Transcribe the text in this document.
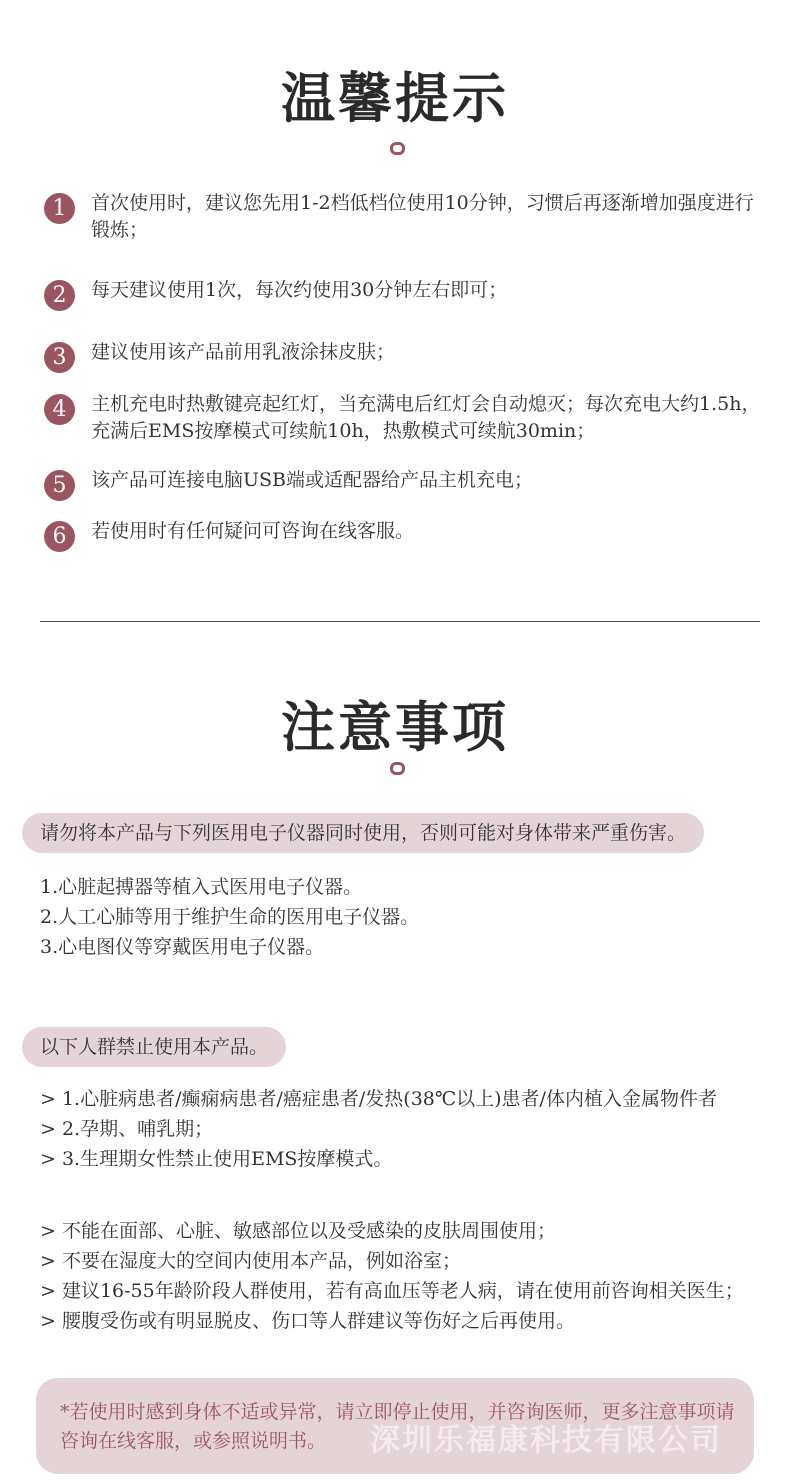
温馨提示
1	首次使用时，建议您先用1-2档低档位使用10分钟，习惯后再逐渐增加强度进行锻炼；
2	每天建议使用1次，每次约使用30分钟左右即可；
3	建议使用该产品前用乳液涂抹皮肤；
4	主机充电时热敷键亮起红灯，当充满电后红灯会自动熄灭；每次充电大约1.5h，充满后EMS按摩模式可续航10h，热敷模式可续航30min；
5	该产品可连接电脑USB端或适配器给产品主机充电；
6	若使用时有任何疑问可咨询在线客服。
注意事项
请勿将本产品与下列医用电子仪器同时使用，否则可能对身体带来严重伤害。
1.心脏起搏器等植入式医用电子仪器。
2.人工心肺等用于维护生命的医用电子仪器。
3.心电图仪等穿戴医用电子仪器。
以下人群禁止使用本产品。
> 1.心脏病患者/癫痫病患者/癌症患者/发热(38℃以上)患者/体内植入金属物件者
> 2.孕期、哺乳期；
> 3.生理期女性禁止使用EMS按摩模式。
> 不能在面部、心脏、敏感部位以及受感染的皮肤周围使用；
> 不要在湿度大的空间内使用本产品，例如浴室；
> 建议16-55年龄阶段人群使用，若有高血压等老人病，请在使用前咨询相关医生；
> 腰腹受伤或有明显脱皮、伤口等人群建议等伤好之后再使用。
*若使用时感到身体不适或异常，请立即停止使用，并咨询医师，更多注意事项请咨询在线客服，或参照说明书。	深圳乐福康科技有限公司
